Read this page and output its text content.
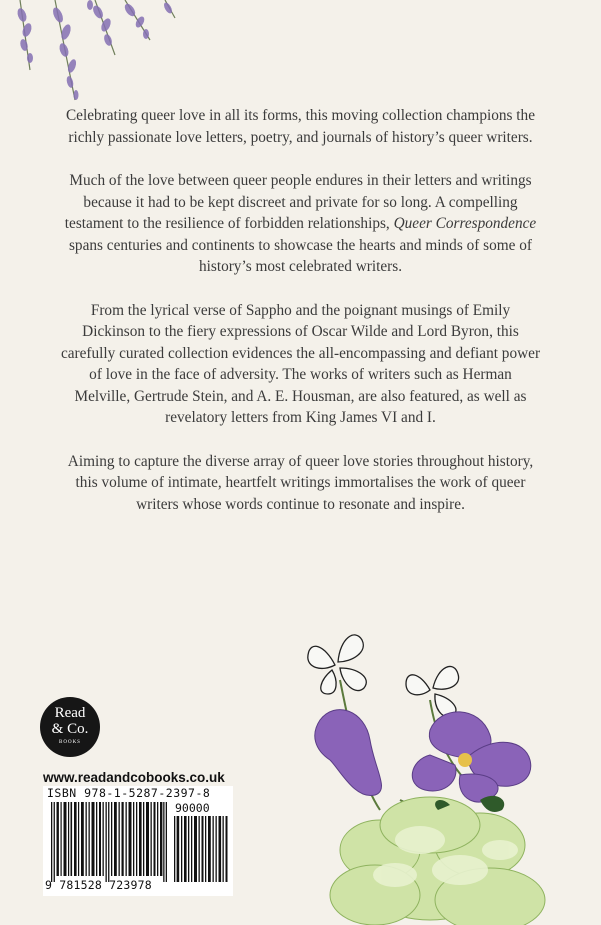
Celebrating queer love in all its forms, this moving collection champions the richly passionate love letters, poetry, and journals of history’s queer writers.

Much of the love between queer people endures in their letters and writings because it had to be kept discreet and private for so long. A compelling testament to the resilience of forbidden relationships, Queer Correspondence spans centuries and continents to showcase the hearts and minds of some of history’s most celebrated writers.

From the lyrical verse of Sappho and the poignant musings of Emily Dickinson to the fiery expressions of Oscar Wilde and Lord Byron, this carefully curated collection evidences the all-encompassing and defiant power of love in the face of adversity. The works of writers such as Herman Melville, Gertrude Stein, and A. E. Housman, are also featured, as well as revelatory letters from King James VI and I.

Aiming to capture the diverse array of queer love stories throughout history, this volume of intimate, heartfelt writings immortalises the work of queer writers whose words continue to resonate and inspire.

Read
& Co.
BOOKS
www.readandcobooks.co.uk
ISBN 978-1-5287-2397-8
90000
9 781528 723978
